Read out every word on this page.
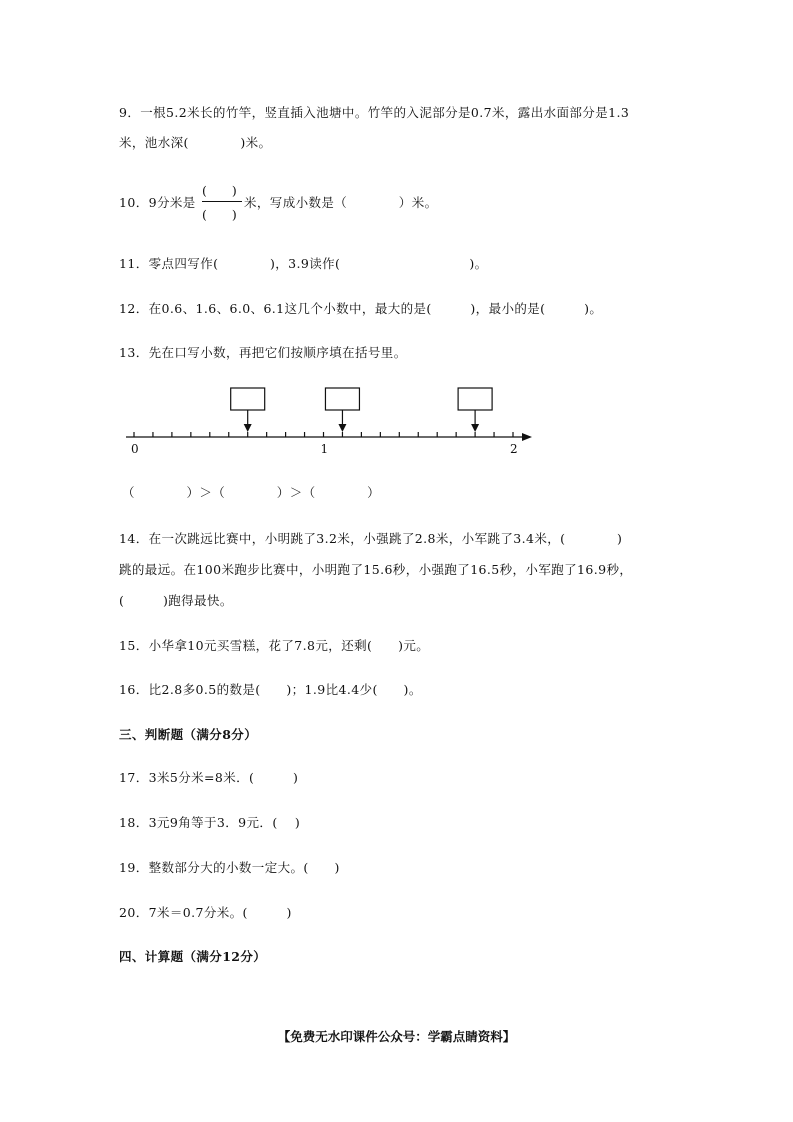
9．一根5.2米长的竹竿，竖直插入池塘中。竹竿的入泥部分是0.7米，露出水面部分是1.3
米，池水深(　　　　)米。
10．9分米是
(　　)
(　　)
米，写成小数是（　　　　）米。
11．零点四写作(　　　　)，3.9读作(　　　　　　　　　　)。
12．在0.6、1.6、6.0、6.1这几个小数中，最大的是(　　　)，最小的是(　　　)。
13．先在口写小数，再把它们按顺序填在括号里。
0	1	2
（　　　　）＞（　　　　）＞（　　　　）
14．在一次跳远比赛中，小明跳了3.2米，小强跳了2.8米，小军跳了3.4米，(　　　　)
跳的最远。在100米跑步比赛中，小明跑了15.6秒，小强跑了16.5秒，小军跑了16.9秒，
(　　　)跑得最快。
15．小华拿10元买雪糕，花了7.8元，还剩(　　)元。
16．比2.8多0.5的数是(　　)；1.9比4.4少(　　)。
三、判断题（满分8分）
17．3米5分米=8米．(　　　)
18．3元9角等于3．9元．(　 )
19．整数部分大的小数一定大。(　　)
20．7米＝0.7分米。(　　　)
四、计算题（满分12分）
【免费无水印课件公众号：学霸点睛资料】
